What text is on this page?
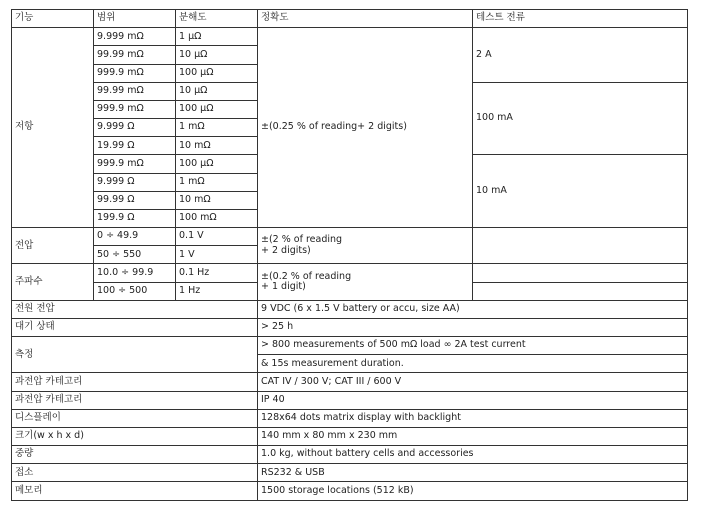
기능	범위	분해도	정확도	테스트 전류
저항	9.999 mΩ	1 µΩ	±(0.25 % of reading+ 2 digits)	2 A
	99.99 mΩ	10 µΩ		
	999.9 mΩ	100 µΩ		
	99.99 mΩ	10 µΩ		100 mA
	999.9 mΩ	100 µΩ		
	9.999 Ω	1 mΩ		
	19.99 Ω	10 mΩ		
	999.9 mΩ	100 µΩ		10 mA
	9.999 Ω	1 mΩ		
	99.99 Ω	10 mΩ		
	199.9 Ω	100 mΩ		
전압	0 ÷ 49.9	0.1 V	±(2 % of reading
+ 2 digits)	

	50 ÷ 550	1 V		
주파수	10.0 ÷ 99.9	0.1 Hz	±(0.2 % of reading
+ 1 digit)	

	100 ÷ 500	1 Hz		
전원 전압			9 VDC (6 x 1.5 V battery or accu, size AA)	
대기 상태			> 25 h	
측정			> 800 measurements of 500 mΩ load ∞ 2A test current	
			& 15s measurement duration.	
과전압 카테고리			CAT IV / 300 V; CAT III / 600 V	
과전압 카테고리			IP 40	
디스플레이			128x64 dots matrix display with backlight	
크기(w x h x d)			140 mm x 80 mm x 230 mm	
중량			1.0 kg, without battery cells and accessories	
접소			RS232 & USB	
메모리			1500 storage locations (512 kB)	
